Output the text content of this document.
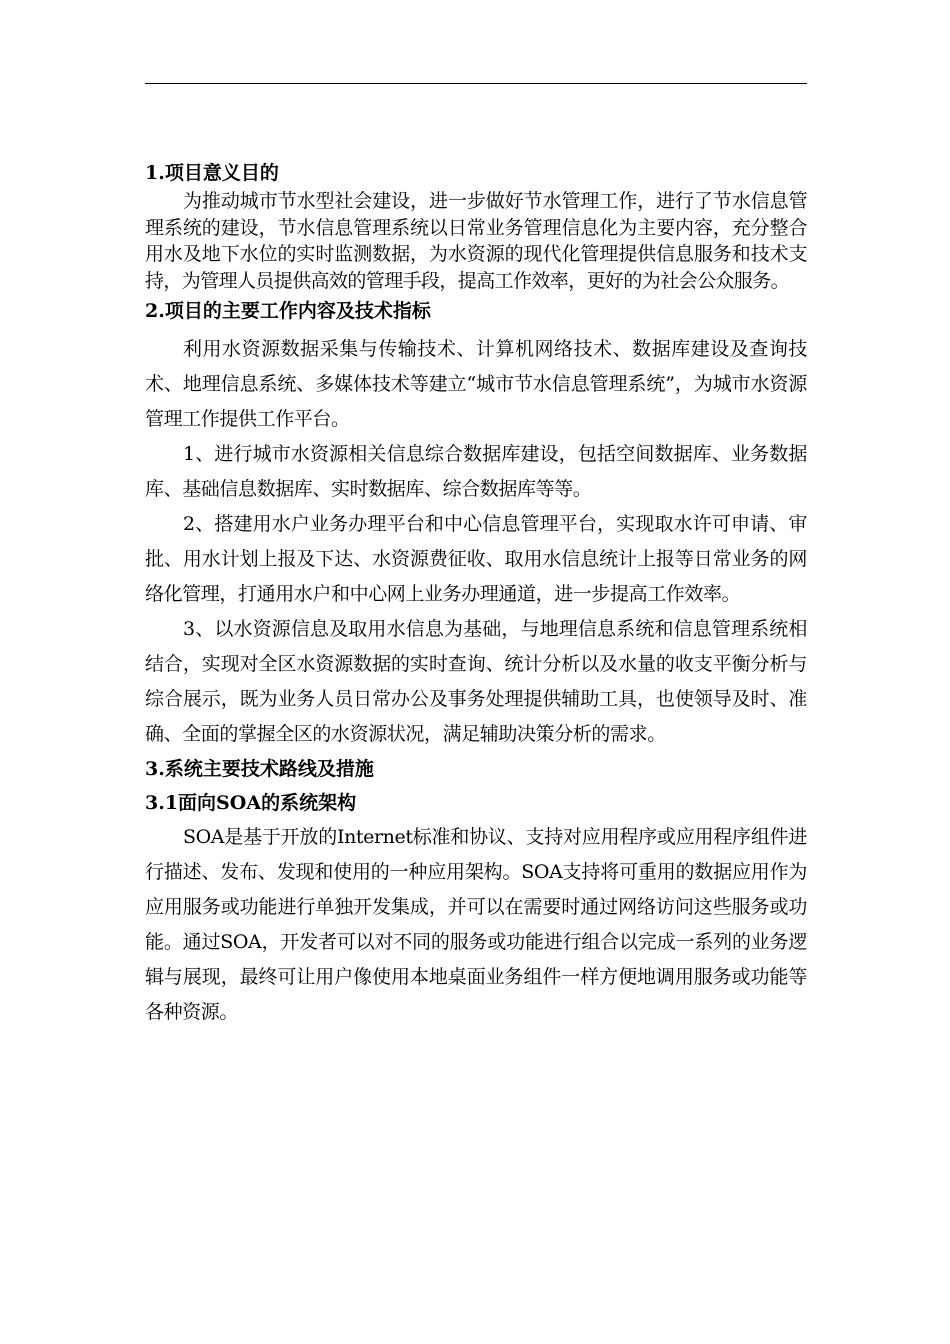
1.项目意义目的

为推动城市节水型社会建设，进一步做好节水管理工作，进行了节水信息管理系统的建设，节水信息管理系统以日常业务管理信息化为主要内容，充分整合用水及地下水位的实时监测数据，为水资源的现代化管理提供信息服务和技术支持，为管理人员提供高效的管理手段，提高工作效率，更好的为社会公众服务。

2.项目的主要工作内容及技术指标

利用水资源数据采集与传输技术、计算机网络技术、数据库建设及查询技术、地理信息系统、多媒体技术等建立“城市节水信息管理系统”，为城市水资源管理工作提供工作平台。

1、进行城市水资源相关信息综合数据库建设，包括空间数据库、业务数据库、基础信息数据库、实时数据库、综合数据库等等。

2、搭建用水户业务办理平台和中心信息管理平台，实现取水许可申请、审批、用水计划上报及下达、水资源费征收、取用水信息统计上报等日常业务的网络化管理，打通用水户和中心网上业务办理通道，进一步提高工作效率。

3、以水资源信息及取用水信息为基础，与地理信息系统和信息管理系统相结合，实现对全区水资源数据的实时查询、统计分析以及水量的收支平衡分析与综合展示，既为业务人员日常办公及事务处理提供辅助工具，也使领导及时、准确、全面的掌握全区的水资源状况，满足辅助决策分析的需求。

3.系统主要技术路线及措施
3.1面向SOA的系统架构

SOA是基于开放的Internet标准和协议、支持对应用程序或应用程序组件进行描述、发布、发现和使用的一种应用架构。SOA支持将可重用的数据应用作为应用服务或功能进行单独开发集成，并可以在需要时通过网络访问这些服务或功能。通过SOA，开发者可以对不同的服务或功能进行组合以完成一系列的业务逻辑与展现，最终可让用户像使用本地桌面业务组件一样方便地调用服务或功能等各种资源。
